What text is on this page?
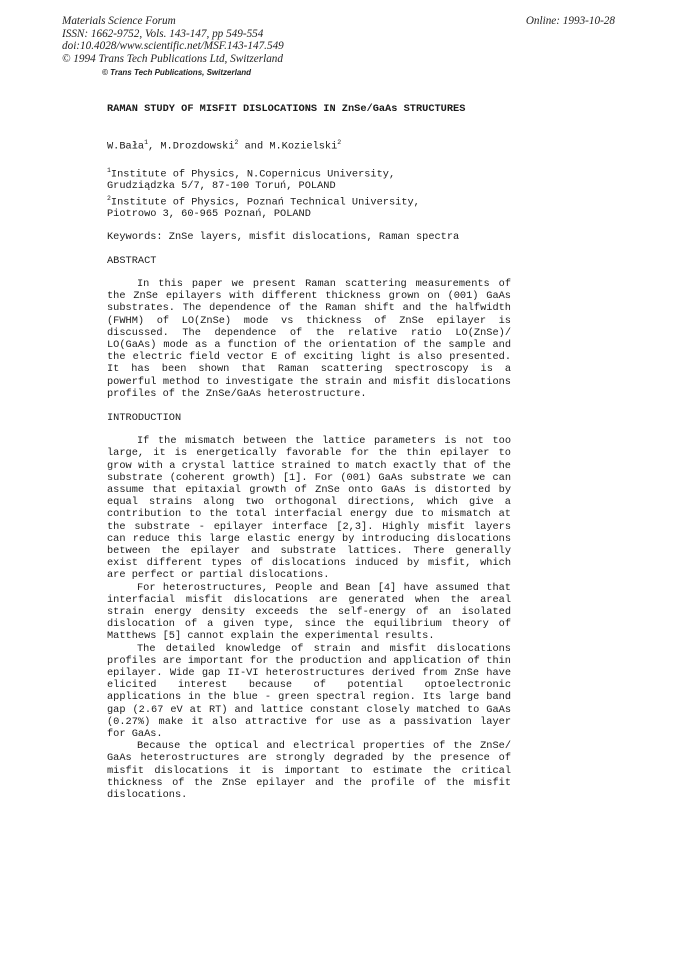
Materials Science Forum
ISSN: 1662-9752, Vols. 143-147, pp 549-554
doi:10.4028/www.scientific.net/MSF.143-147.549
© 1994 Trans Tech Publications Ltd, Switzerland
Online: 1993-10-28
© Trans Tech Publications, Switzerland
RAMAN STUDY OF MISFIT DISLOCATIONS IN ZnSe/GaAs STRUCTURES
W.Bała$^1$, M.Drozdowski$^2$ and M.Kozielski$^2$
$^1$Institute of Physics, N.Copernicus University,
Grudziądzka 5/7, 87-100 Toruń, POLAND
$^2$Institute of Physics, Poznań Technical University,
Piotrowo 3, 60-965 Poznań, POLAND
Keywords: ZnSe layers, misfit dislocations, Raman spectra
ABSTRACT

In this paper we present Raman scattering measurements of the ZnSe epilayers with different thickness grown on (001) GaAs substrates. The dependence of the Raman shift and the halfwidth (FWHM) of LO(ZnSe) mode vs thickness of ZnSe epilayer is discussed. The dependence of the relative ratio LO(ZnSe)/ LO(GaAs) mode as a function of the orientation of the sample and the electric field vector E of exciting light is also presented. It has been shown that Raman scattering spectroscopy is a powerful method to investigate the strain and misfit dislocations profiles of the ZnSe/GaAs heterostructure.

INTRODUCTION

If the mismatch between the lattice parameters is not too large, it is energetically favorable for the thin epilayer to grow with a crystal lattice strained to match exactly that of the substrate (coherent growth) [1]. For (001) GaAs substrate we can assume that epitaxial growth of ZnSe onto GaAs is distorted by equal strains along two orthogonal directions, which give a contribution to the total interfacial energy due to mismatch at the substrate - epilayer interface [2,3]. Highly misfit layers can reduce this large elastic energy by introducing dislocations between the epilayer and substrate lattices. There generally exist different types of dislocations induced by misfit, which are perfect or partial dislocations.

For heterostructures, People and Bean [4] have assumed that interfacial misfit dislocations are generated when the areal strain energy density exceeds the self-energy of an isolated dislocation of a given type, since the equilibrium theory of Matthews [5] cannot explain the experimental results.

The detailed knowledge of strain and misfit dislocations profiles are important for the production and application of thin epilayer. Wide gap II-VI heterostructures derived from ZnSe have elicited interest because of potential optoelectronic applications in the blue - green spectral region. Its large band gap (2.67 eV at RT) and lattice constant closely matched to GaAs (0.27%) make it also attractive for use as a passivation layer for GaAs.

Because the optical and electrical properties of the ZnSe/ GaAs heterostructures are strongly degraded by the presence of misfit dislocations it is important to estimate the critical thickness of the ZnSe epilayer and the profile of the misfit dislocations.
